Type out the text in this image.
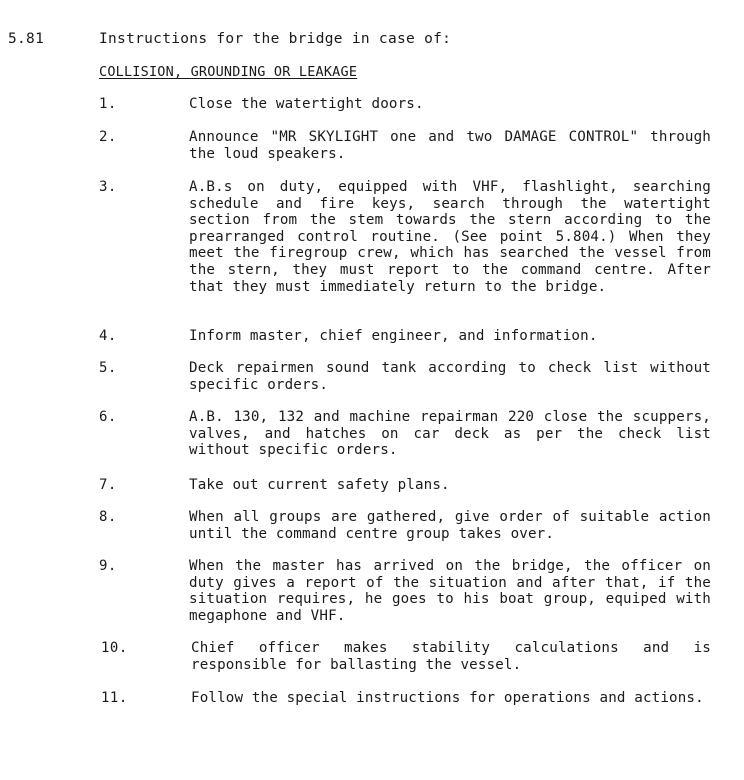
5.81	Instructions for the bridge in case of:
COLLISION, GROUNDING OR LEAKAGE
1.	Close the watertight doors.
2.	Announce "MR SKYLIGHT one and two DAMAGE CONTROL" through the loud speakers.
3.	A.B.s on duty, equipped with VHF, flashlight, searching schedule and fire keys, search through the watertight section from the stem towards the stern according to the prearranged control routine. (See point 5.804.) When they meet the firegroup crew, which has searched the vessel from the stern, they must report to the command centre. After that they must immediately return to the bridge.
4.	Inform master, chief engineer, and information.
5.	Deck repairmen sound tank according to check list without specific orders.
6.	A.B. 130, 132 and machine repairman 220 close the scuppers, valves, and hatches on car deck as per the check list without specific orders.
7.	Take out current safety plans.
8.	When all groups are gathered, give order of suitable action until the command centre group takes over.
9.	When the master has arrived on the bridge, the officer on duty gives a report of the situation and after that, if the situation requires, he goes to his boat group, equiped with megaphone and VHF.
10.	Chief officer makes stability calculations and is responsible for ballasting the vessel.
11.	Follow the special instructions for operations and actions.
